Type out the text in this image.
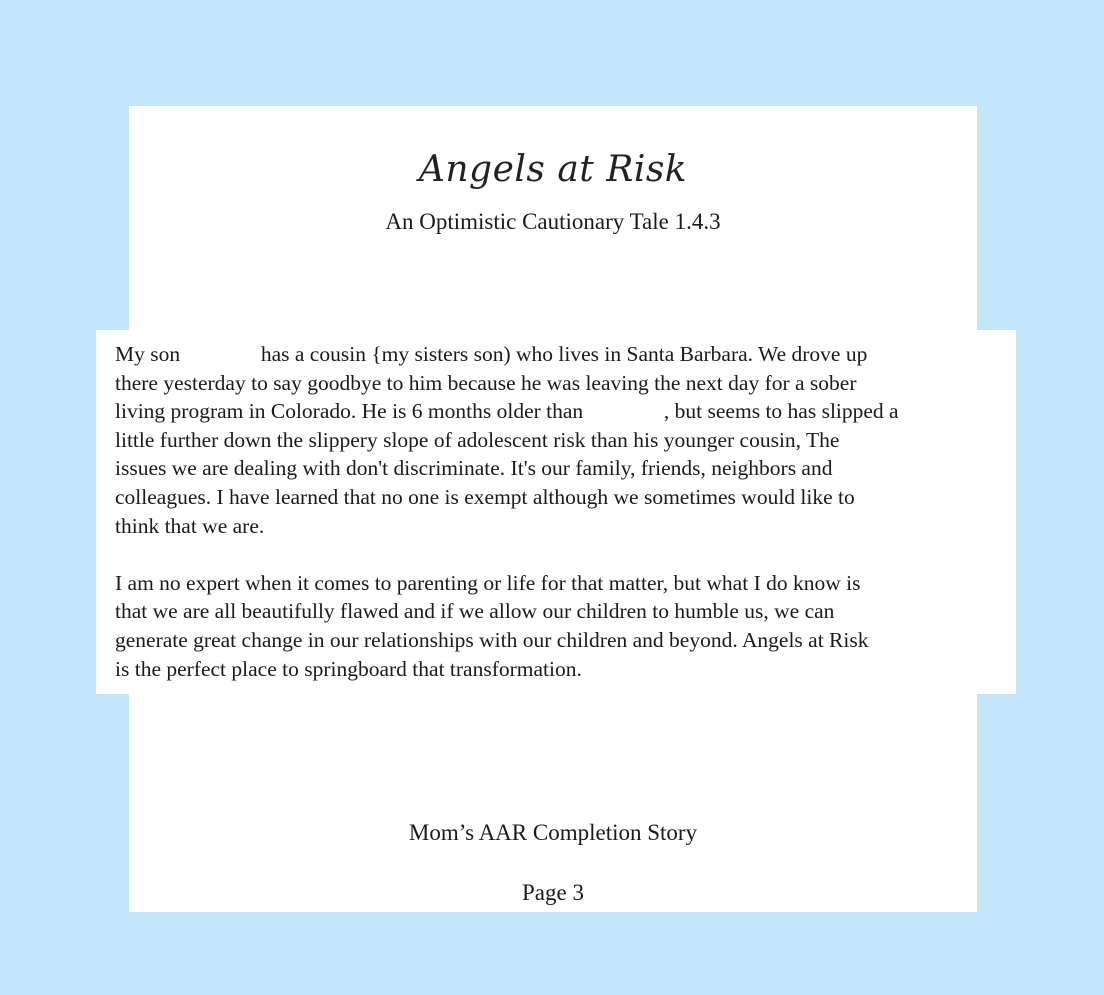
Angels at Risk
An Optimistic Cautionary Tale 1.4.3

My son	has a cousin {my sisters son) who lives in Santa Barbara. We drove up
there yesterday to say goodbye to him because he was leaving the next day for a sober
living program in Colorado. He is 6 months older than	, but seems to has slipped a
little further down the slippery slope of adolescent risk than his younger cousin, The
issues we are dealing with don't discriminate. It's our family, friends, neighbors and
colleagues. I have learned that no one is exempt although we sometimes would like to
think that we are.

I am no expert when it comes to parenting or life for that matter, but what I do know is
that we are all beautifully flawed and if we allow our children to humble us, we can
generate great change in our relationships with our children and beyond. Angels at Risk
is the perfect place to springboard that transformation.

Mom’s AAR Completion Story
Page 3
